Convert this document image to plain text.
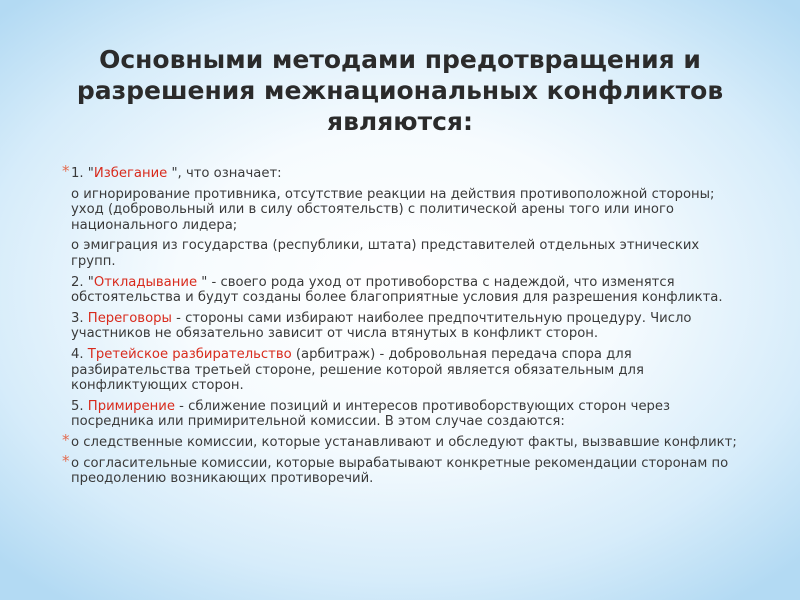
Основными методами предотвращения и
разрешения межнациональных конфликтов
являются:

* 1. "Избегание ", что означает:

о игнорирование противника, отсутствие реакции на действия противоположной стороны; уход (добровольный или в силу обстоятельств) с политической арены того или иного национального лидера;

о эмиграция из государства (республики, штата) представителей отдельных этнических групп.

2. "Откладывание " - своего рода уход от противоборства с надеждой, что изменятся обстоятельства и будут созданы более благоприятные условия для разрешения конфликта.

3. Переговоры - стороны сами избирают наиболее предпочтительную процедуру. Число участников не обязательно зависит от числа втянутых в конфликт сторон.

4. Третейское разбирательство (арбитраж) - добровольная передача спора для разбирательства третьей стороне, решение которой является обязательным для конфликтующих сторон.

5. Примирение - сближение позиций и интересов противоборствующих сторон через посредника или примирительной комиссии. В этом случае создаются:

* о следственные комиссии, которые устанавливают и обследуют факты, вызвавшие конфликт;

* о согласительные комиссии, которые вырабатывают конкретные рекомендации сторонам по преодолению возникающих противоречий.
